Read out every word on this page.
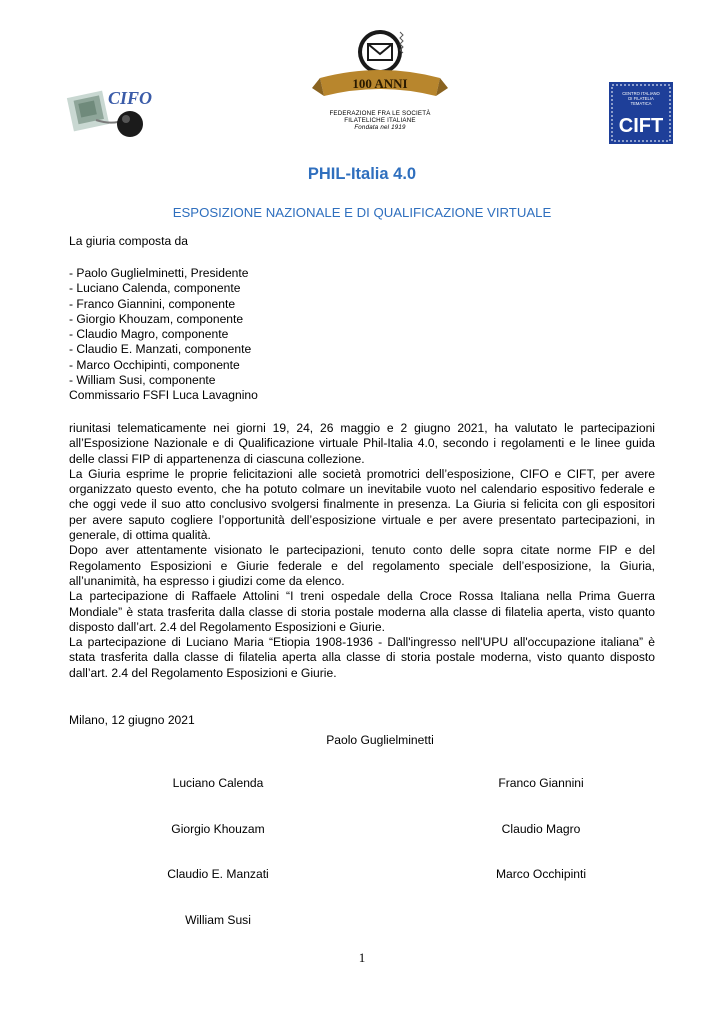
CIFO
100 ANNI
FEDERAZIONE FRA LE SOCIETÀ
FILATELICHE ITALIANE
Fondata nel 1919
CENTRO ITALIANO
DI FILATELIA
TEMATICA
CIFT
PHIL-Italia 4.0
ESPOSIZIONE NAZIONALE E DI QUALIFICAZIONE VIRTUALE
La giuria composta da
- Paolo Guglielminetti, Presidente
- Luciano Calenda, componente
- Franco Giannini, componente
- Giorgio Khouzam, componente
- Claudio Magro, componente
- Claudio E. Manzati, componente
- Marco Occhipinti, componente
- William Susi, componente
Commissario FSFI Luca Lavagnino

riunitasi telematicamente nei giorni 19, 24, 26 maggio e 2 giugno 2021, ha valutato le partecipazioni all’Esposizione Nazionale e di Qualificazione virtuale Phil-Italia 4.0, secondo i regolamenti e le linee guida delle classi FIP di appartenenza di ciascuna collezione.

La Giuria esprime le proprie felicitazioni alle società promotrici dell’esposizione, CIFO e CIFT, per avere organizzato questo evento, che ha potuto colmare un inevitabile vuoto nel calendario espositivo federale e che oggi vede il suo atto conclusivo svolgersi finalmente in presenza. La Giuria si felicita con gli espositori per avere saputo cogliere l’opportunità dell’esposizione virtuale e per avere presentato partecipazioni, in generale, di ottima qualità.

Dopo aver attentamente visionato le partecipazioni, tenuto conto delle sopra citate norme FIP e del Regolamento Esposizioni e Giurie federale e del regolamento speciale dell’esposizione, la Giuria, all’unanimità, ha espresso i giudizi come da elenco.

La partecipazione di Raffaele Attolini “I treni ospedale della Croce Rossa Italiana nella Prima Guerra Mondiale” è stata trasferita dalla classe di storia postale moderna alla classe di filatelia aperta, visto quanto disposto dall’art. 2.4 del Regolamento Esposizioni e Giurie.

La partecipazione di Luciano Maria “Etiopia 1908-1936 - Dall'ingresso nell'UPU all'occupazione italiana” è stata trasferita dalla classe di filatelia aperta alla classe di storia postale moderna, visto quanto disposto dall’art. 2.4 del Regolamento Esposizioni e Giurie.

Milano, 12 giugno 2021
Paolo Guglielminetti
Luciano Calenda
Giorgio Khouzam
Claudio E. Manzati
William Susi
Franco Giannini
Claudio Magro
Marco Occhipinti
1
